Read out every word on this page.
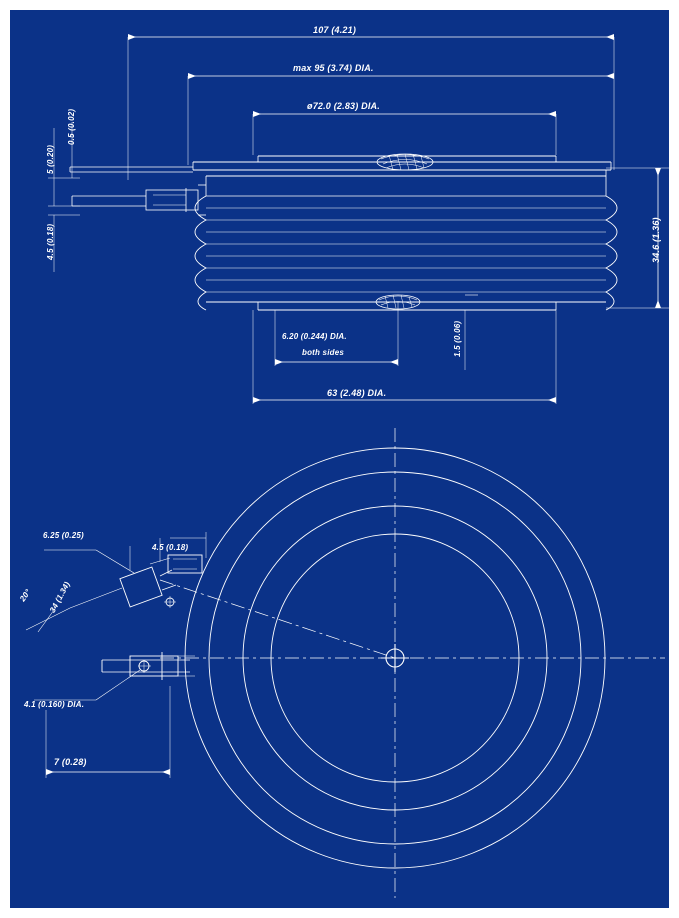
107 (4.21)
max 95 (3.74) DIA.
ø72.0 (2.83) DIA.
0.5 (0.02)
5 (0.20)
4.5 (0.18)	34.6 (1.36)
6.20 (0.244) DIA.
both sides	1.5 (0.06)
63 (2.48) DIA.
6.25 (0.25)
4.5 (0.18)
20° 34 (1.34)
4.1 (0.160) DIA.
7 (0.28)
